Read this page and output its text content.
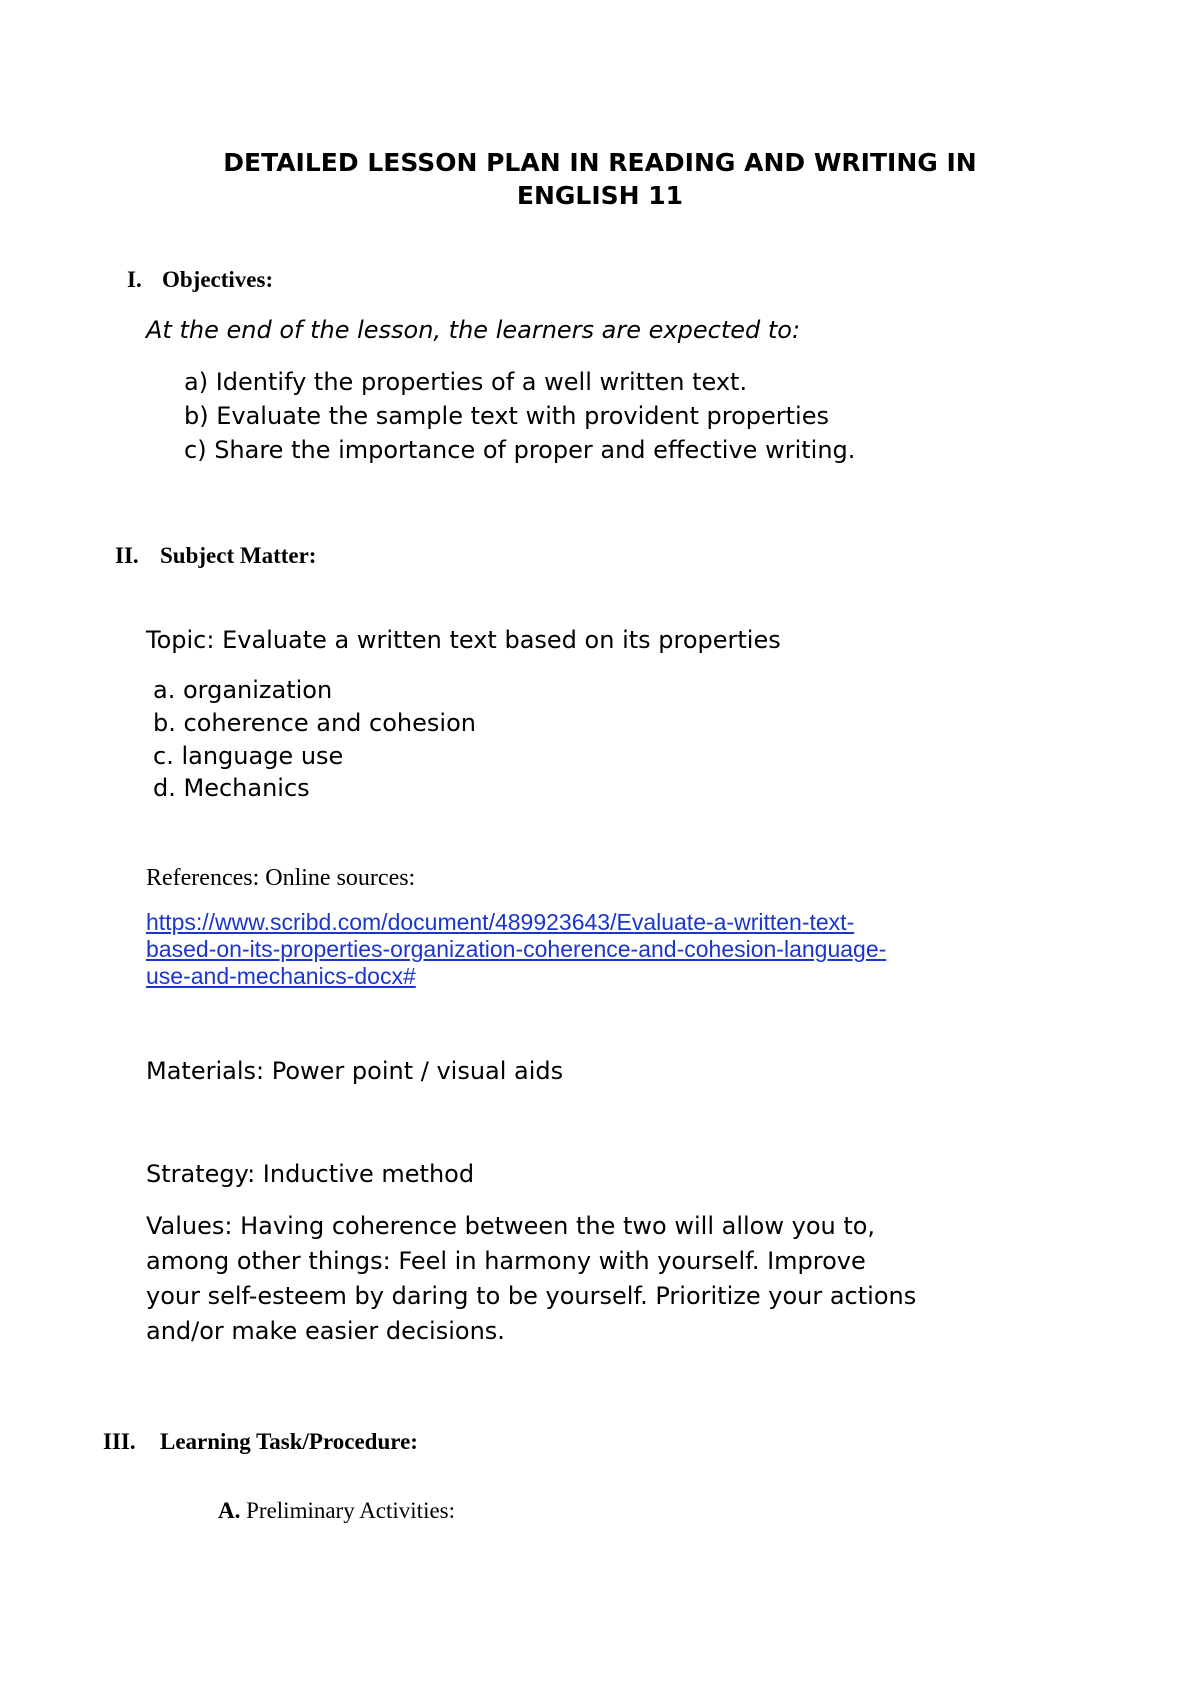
DETAILED LESSON PLAN IN READING AND WRITING IN
ENGLISH 11
I. Objectives:
At the end of the lesson, the learners are expected to:
a) Identify the properties of a well written text.
b) Evaluate the sample text with provident properties
c) Share the importance of proper and effective writing.
II. Subject Matter:
Topic: Evaluate a written text based on its properties
a. organization
b. coherence and cohesion
c. language use
d. Mechanics
References: Online sources:
https://www.scribd.com/document/489923643/Evaluate-a-written-text-
based-on-its-properties-organization-coherence-and-cohesion-language-
use-and-mechanics-docx#
Materials: Power point / visual aids
Strategy: Inductive method
Values: Having coherence between the two will allow you to,
among other things: Feel in harmony with yourself. Improve
your self-esteem by daring to be yourself. Prioritize your actions
and/or make easier decisions.
III. Learning Task/Procedure:
A. Preliminary Activities:
